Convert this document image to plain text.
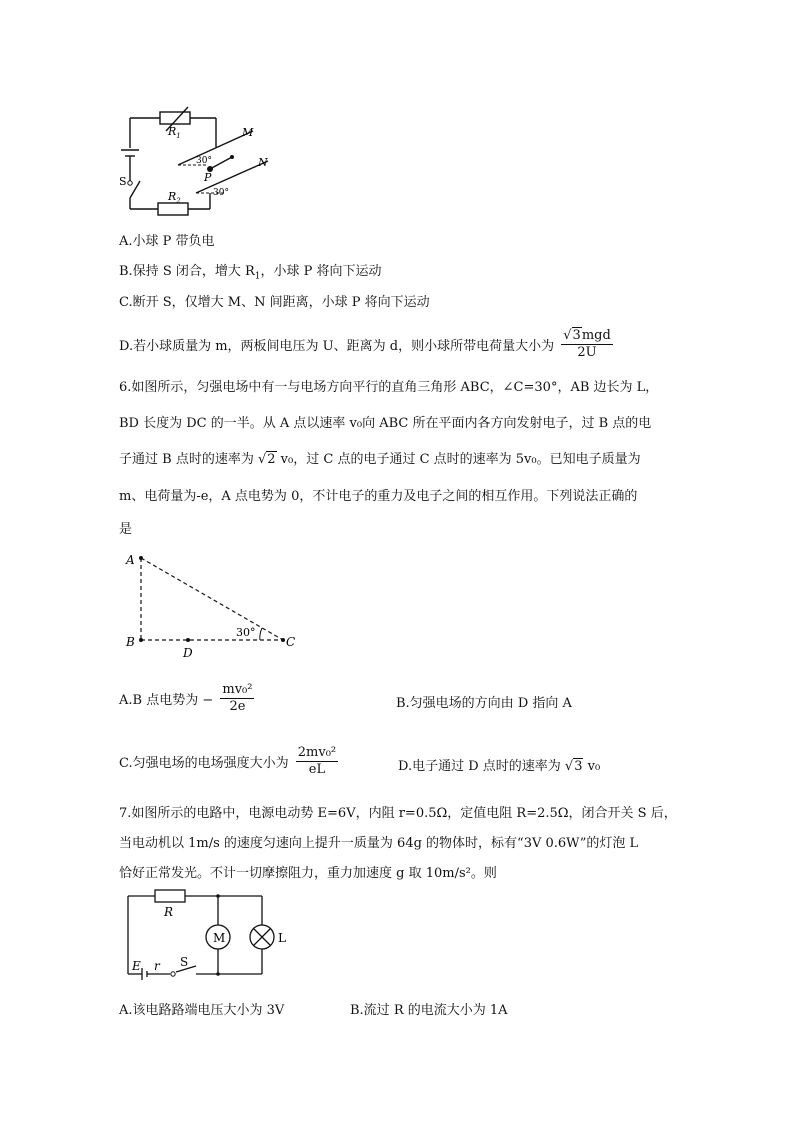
$R_1$
$R_2$
M
N
P
S
30°
30°
A.小球 P 带负电
B.保持 S 闭合，增大 $R_1$，小球 P 将向下运动
C.断开 S，仅增大 M、N 间距离，小球 P 将向下运动
D.若小球质量为 m，两板间电压为 U、距离为 d，则小球所带电荷量大小为 $\frac{\text{√3mgd}}{2U}$
6.如图所示，匀强电场中有一与电场方向平行的直角三角形 ABC，∠C=30°，AB 边长为 L，
BD 长度为 DC 的一半。从 A 点以速率 v₀向 ABC 所在平面内各方向发射电子，过 B 点的电
子通过 B 点时的速率为 √2 v₀，过 C 点的电子通过 C 点时的速率为 5v₀。已知电子质量为
m、电荷量为-e，A 点电势为 0，不计电子的重力及电子之间的相互作用。下列说法正确的
是
A
B
D
C
30°
A.B 点电势为 − $\frac{\text{mv₀²}}{2e}$	B.匀强电场的方向由 D 指向 A
C.匀强电场的电场强度大小为 $\frac{\text{2mv₀²}}{eL}$	D.电子通过 D 点时的速率为 √3 v₀
7.如图所示的电路中，电源电动势 E=6V，内阻 r=0.5Ω，定值电阻 R=2.5Ω，闭合开关 S 后，
当电动机以 1m/s 的速度匀速向上提升一质量为 64g 的物体时，标有“3V 0.6W”的灯泡 L
恰好正常发光。不计一切摩擦阻力，重力加速度 g 取 10m/s²。则
R
M	L
E r S
A.该电路路端电压大小为 3V	B.流过 R 的电流大小为 1A
